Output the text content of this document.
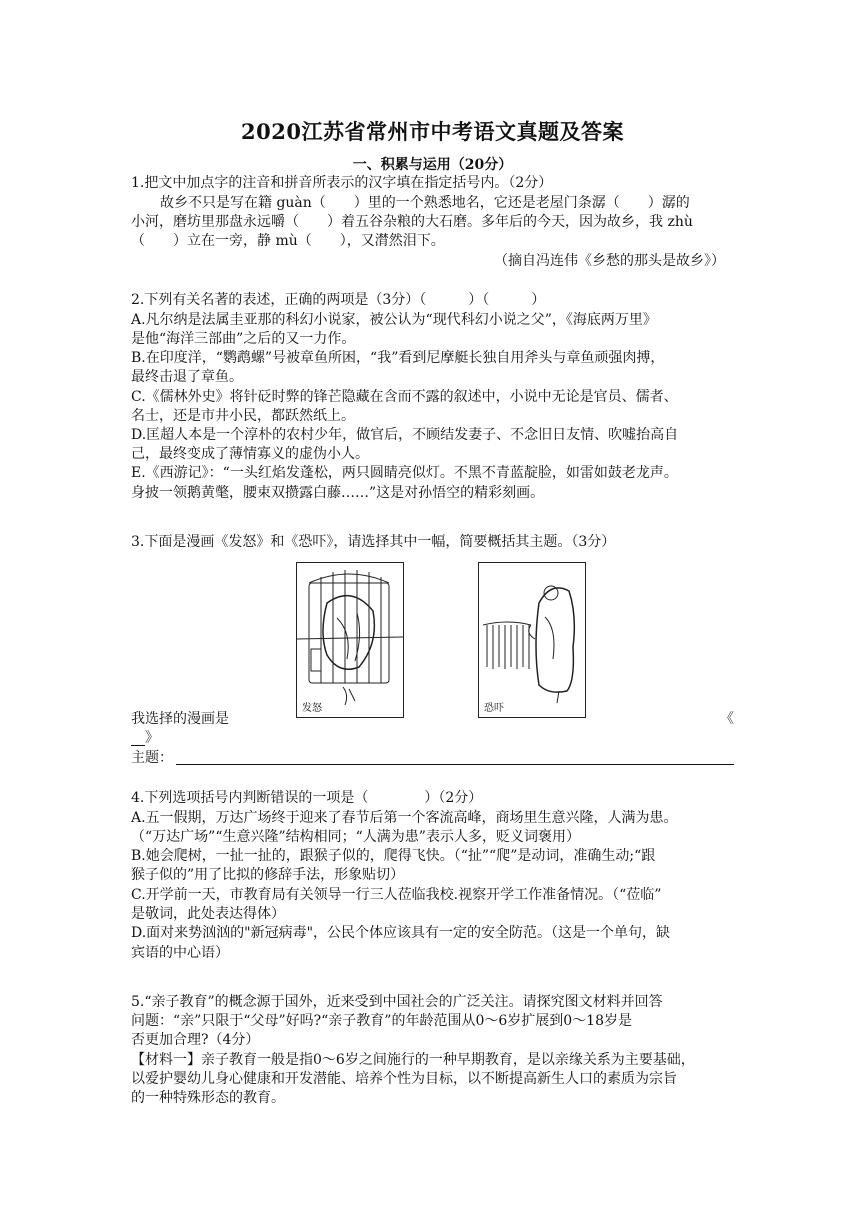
2020江苏省常州市中考语文真题及答案
一、积累与运用（20分）
1.把文中加点字的注音和拼音所表示的汉字填在指定括号内。（2分）
故乡不只是写在籍 guàn（　　）里的一个熟悉地名，它还是老屋门条潺（　　）潺的
小河，磨坊里那盘永远嚼（　　）着五谷杂粮的大石磨。多年后的今天，因为故乡，我 zhù
（　　）立在一旁，静 mù（　　），又潸然泪下。
（摘自冯连伟《乡愁的那头是故乡》）
2.下列有关名著的表述，正确的两项是（3分）（　　　）（　　　）
A.凡尔纳是法属圭亚那的科幻小说家，被公认为“现代科幻小说之父”，《海底两万里》
是他“海洋三部曲”之后的又一力作。
B.在印度洋，“鹦鹉螺”号被章鱼所困，“我”看到尼摩艇长独自用斧头与章鱼顽强肉搏，
最终击退了章鱼。
C.《儒林外史》将针砭时弊的锋芒隐藏在含而不露的叙述中，小说中无论是官员、儒者、
名士，还是市井小民，都跃然纸上。
D.匡超人本是一个淳朴的农村少年，做官后，不顾结发妻子、不念旧日友情、吹嘘抬高自
己，最终变成了薄情寡义的虚伪小人。
E.《西游记》：“一头红焰发蓬松，两只圆睛亮似灯。不黑不青蓝靛脸，如雷如鼓老龙声。
身披一领鹅黄氅，腰束双攒露白藤……”这是对孙悟空的精彩刻画。
3.下面是漫画《发怒》和《恐吓》，请选择其中一幅，简要概括其主题。（3分）
发怒	恐吓
我选择的漫画是	《
》
主题：
4.下列选项括号内判断错误的一项是（　　　　）（2分）
A.五一假期，万达广场终于迎来了春节后第一个客流高峰，商场里生意兴隆，人满为患。
（“万达广场”“生意兴隆”结构相同；“人满为患”表示人多，贬义词褒用）
B.她会爬树，一扯一扯的，跟猴子似的，爬得飞快。（“扯”“爬”是动词，准确生动;“跟
猴子似的”用了比拟的修辞手法，形象贴切）
C.开学前一天，市教育局有关领导一行三人莅临我校.视察开学工作准备情况。（“莅临”
是敬词，此处表达得体）
D.面对来势汹汹的"新冠病毒"，公民个体应该具有一定的安全防范。（这是一个单句，缺
宾语的中心语）
5.“亲子教育”的概念源于国外，近来受到中国社会的广泛关注。请探究图文材料并回答
问题：“亲”只限于“父母”好吗?“亲子教育”的年龄范围从0～6岁扩展到0～18岁是
否更加合理?（4分）
【材料一】亲子教育一般是指0～6岁之间施行的一种早期教育，是以亲缘关系为主要基础，
以爱护婴幼儿身心健康和开发潜能、培养个性为目标，以不断提高新生人口的素质为宗旨
的一种特殊形态的教育。
